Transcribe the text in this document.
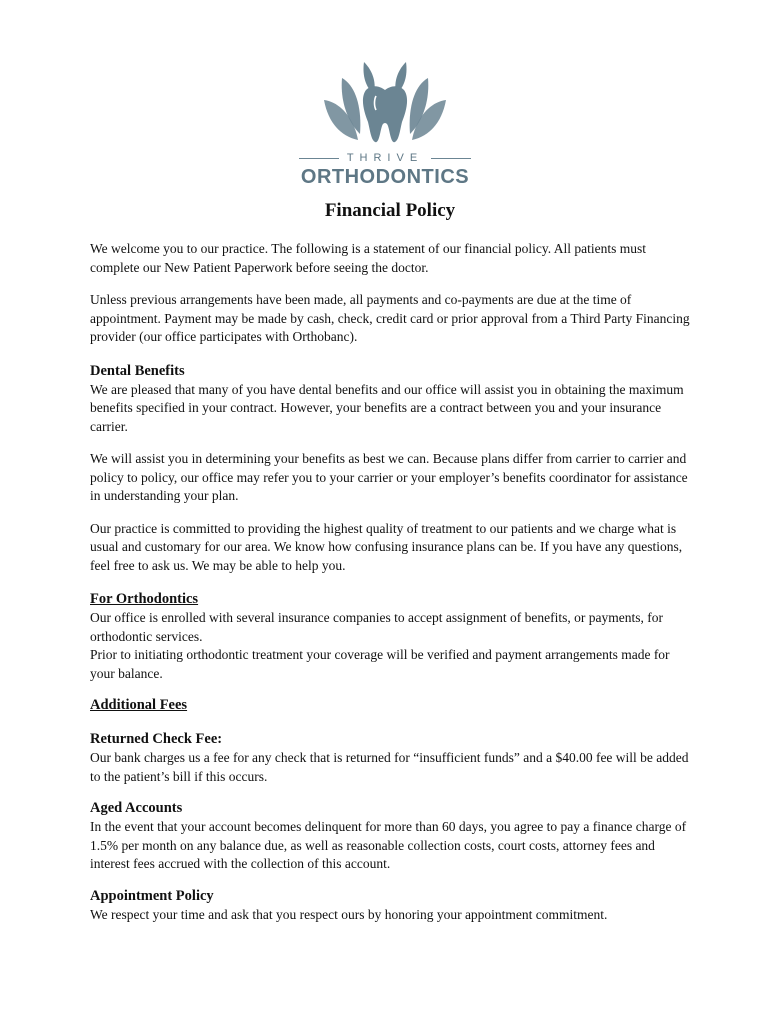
THRIVE
ORTHODONTICS
Financial Policy

We welcome you to our practice. The following is a statement of our financial policy. All patients must complete our New Patient Paperwork before seeing the doctor.

Unless previous arrangements have been made, all payments and co-payments are due at the time of appointment. Payment may be made by cash, check, credit card or prior approval from a Third Party Financing provider (our office participates with Orthobanc).

Dental Benefits

We are pleased that many of you have dental benefits and our office will assist you in obtaining the maximum benefits specified in your contract. However, your benefits are a contract between you and your insurance carrier.

We will assist you in determining your benefits as best we can. Because plans differ from carrier to carrier and policy to policy, our office may refer you to your carrier or your employer’s benefits coordinator for assistance in understanding your plan.

Our practice is committed to providing the highest quality of treatment to our patients and we charge what is usual and customary for our area. We know how confusing insurance plans can be. If you have any questions, feel free to ask us. We may be able to help you.

For Orthodontics

Our office is enrolled with several insurance companies to accept assignment of benefits, or payments, for orthodontic services.

Prior to initiating orthodontic treatment your coverage will be verified and payment arrangements made for your balance.

Additional Fees
Returned Check Fee:

Our bank charges us a fee for any check that is returned for “insufficient funds” and a $40.00 fee will be added to the patient’s bill if this occurs.

Aged Accounts

In the event that your account becomes delinquent for more than 60 days, you agree to pay a finance charge of 1.5% per month on any balance due, as well as reasonable collection costs, court costs, attorney fees and interest fees accrued with the collection of this account.

Appointment Policy

We respect your time and ask that you respect ours by honoring your appointment commitment.
